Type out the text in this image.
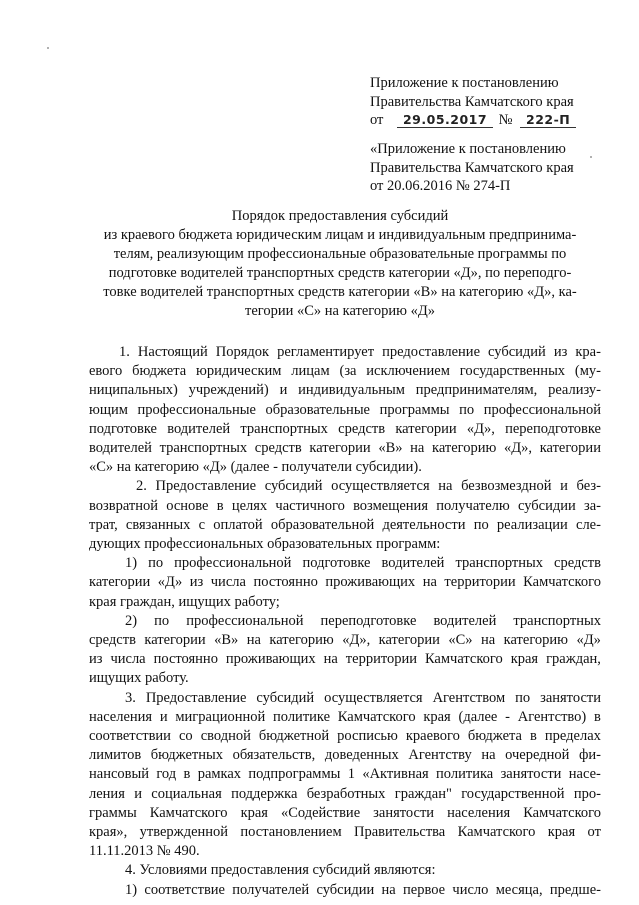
Приложение к постановлению
Правительства Камчатского края
от 29.05.2017 № 222-П
«Приложение к постановлению
Правительства Камчатского края
от 20.06.2016 № 274-П
Порядок предоставления субсидий
из краевого бюджета юридическим лицам и индивидуальным предпринима-
телям, реализующим профессиональные образовательные программы по
подготовке водителей транспортных средств категории «Д», по переподго-
товке водителей транспортных средств категории «В» на категорию «Д», ка-
тегории «С» на категорию «Д»
1. Настоящий Порядок регламентирует предоставление субсидий из кра-
евого бюджета юридическим лицам (за исключением государственных (му-
ниципальных) учреждений) и индивидуальным предпринимателям, реализу-
ющим профессиональные образовательные программы по профессиональной
подготовке водителей транспортных средств категории «Д», переподготовке
водителей транспортных средств категории «В» на категорию «Д», категории
«С» на категорию «Д» (далее - получатели субсидии).
2. Предоставление субсидий осуществляется на безвозмездной и без-
возвратной основе в целях частичного возмещения получателю субсидии за-
трат, связанных с оплатой образовательной деятельности по реализации сле-
дующих профессиональных образовательных программ:
1) по профессиональной подготовке водителей транспортных средств
категории «Д» из числа постоянно проживающих на территории Камчатского
края граждан, ищущих работу;
2) по профессиональной переподготовке водителей транспортных
средств категории «В» на категорию «Д», категории «С» на категорию «Д»
из числа постоянно проживающих на территории Камчатского края граждан,
ищущих работу.
3. Предоставление субсидий осуществляется Агентством по занятости
населения и миграционной политике Камчатского края (далее - Агентство) в
соответствии со сводной бюджетной росписью краевого бюджета в пределах
лимитов бюджетных обязательств, доведенных Агентству на очередной фи-
нансовый год в рамках подпрограммы 1 «Активная политика занятости насе-
ления и социальная поддержка безработных граждан" государственной про-
граммы Камчатского края «Содействие занятости населения Камчатского
края», утвержденной постановлением Правительства Камчатского края от
11.11.2013 № 490.
4. Условиями предоставления субсидий являются:
1) соответствие получателей субсидии на первое число месяца, предше-
